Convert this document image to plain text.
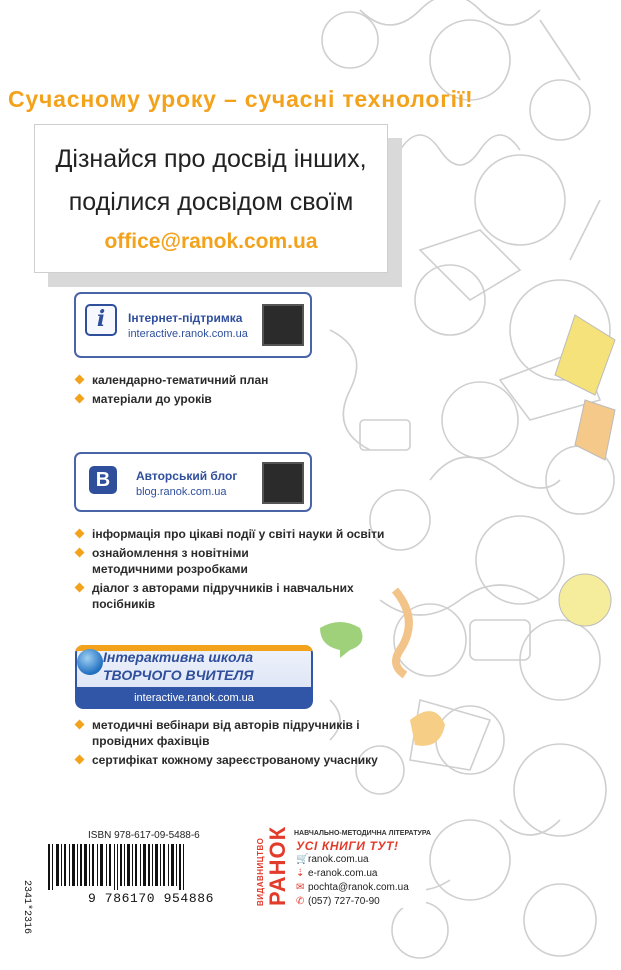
Сучасному уроку – сучасні технології!
Дізнайся про досвід інших,
поділися досвідом своїм
office@ranok.com.ua
i	Інтернет-підтримка
interactive.ranok.com.ua
календарно-тематичний план
матеріали до уроків
B	Авторський блог
blog.ranok.com.ua
інформація про цікаві події у світі науки й освіти
ознайомлення з новітніми методичними розробками
діалог з авторами підручників і навчальних посібників
Інтерактивна школа
ТВОРЧОГО ВЧИТЕЛЯ
interactive.ranok.com.ua
методичні вебінари від авторів підручників і провідних фахівців
сертифікат кожному зареєстрованому учаснику
ISBN 978-617-09-5488-6
2341*2316	9 786170 954886	ВИДАВНИЦТВО РАНОК НАВЧАЛЬНО-МЕТОДИЧНА ЛІТЕРАТУРА
УСІ КНИГИ ТУТ!
🛒ranok.com.ua
⇣ e-ranok.com.ua
✉ pochta@ranok.com.ua
✆ (057) 727-70-90
